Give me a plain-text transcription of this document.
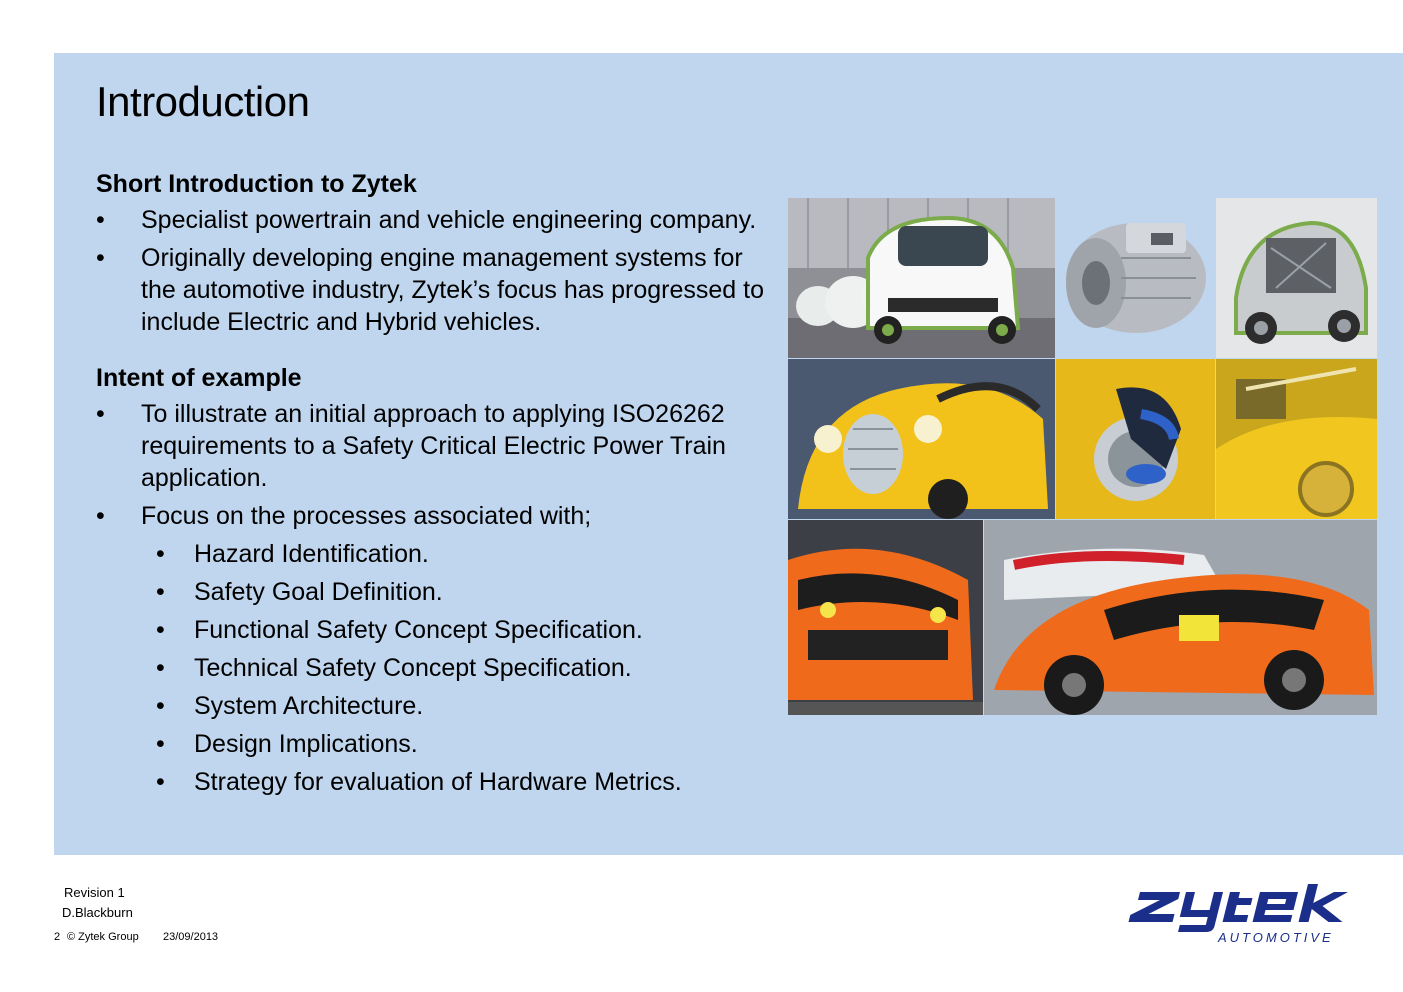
Introduction
Short Introduction to Zytek
•	Specialist powertrain and vehicle engineering company.
•	Originally developing engine management systems for the automotive industry, Zytek’s focus has progressed to include Electric and Hybrid vehicles.
Intent of example
•	To illustrate an initial approach to applying ISO26262 requirements to a Safety Critical Electric Power Train application.
•	Focus on the processes associated with;
•	Hazard Identification.
•	Safety Goal Definition.
•	Functional Safety Concept Specification.
•	Technical Safety Concept Specification.
•	System Architecture.
•	Design Implications.
•	Strategy for evaluation of Hardware Metrics.
Revision 1
D.Blackburn
2 © Zytek Group 23/09/2013	AUTOMOTIVE
